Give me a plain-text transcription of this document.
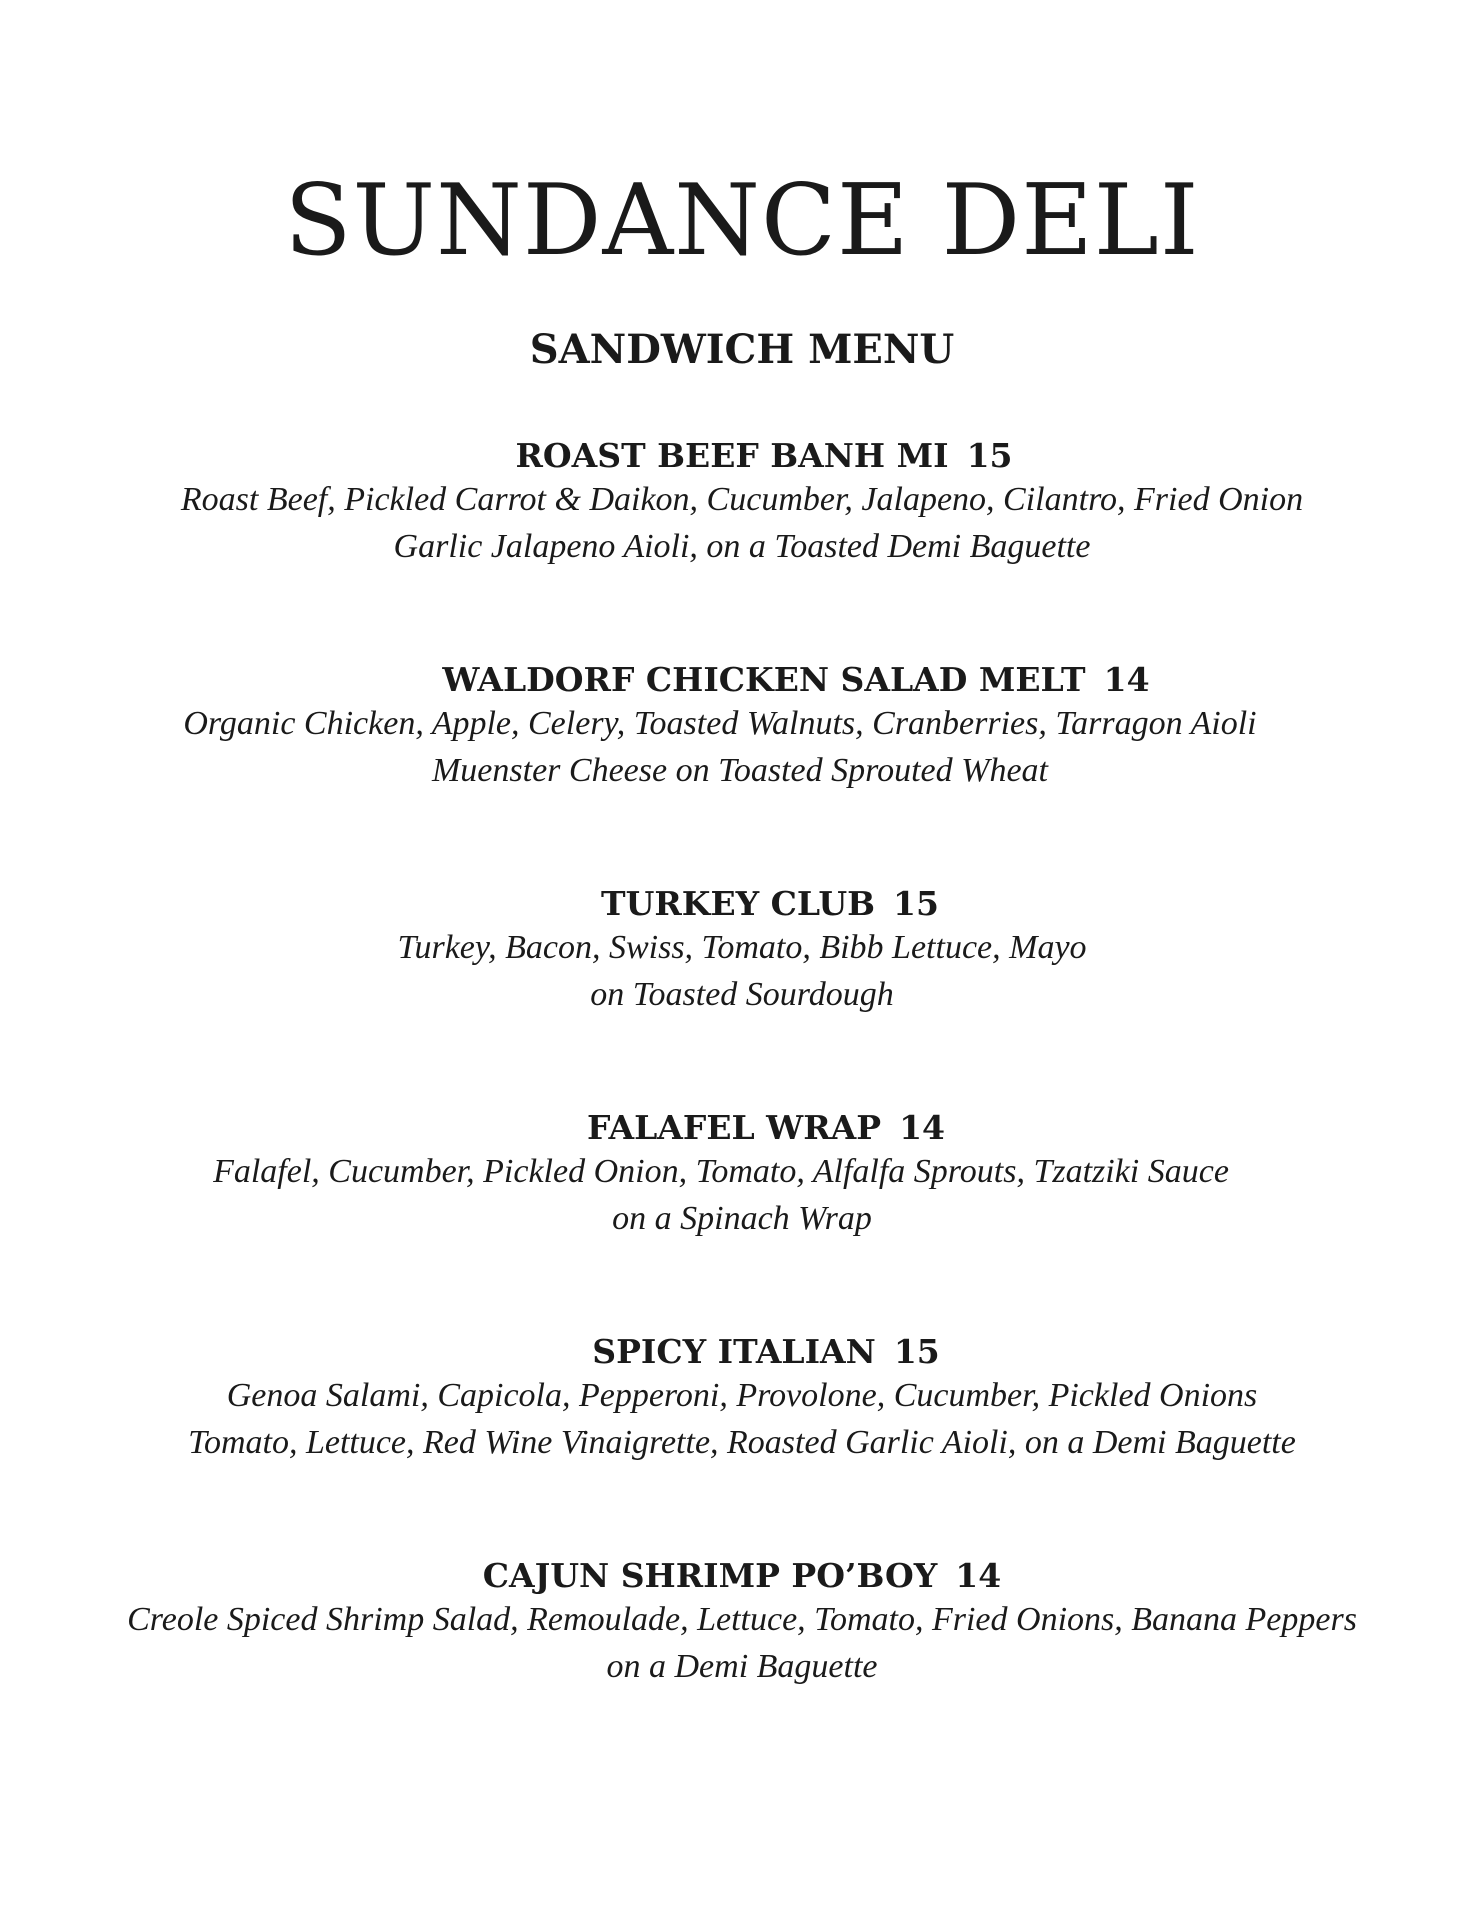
SUNDANCE DELI
SANDWICH MENU
ROAST BEEF BANH MI 15
Roast Beef, Pickled Carrot & Daikon, Cucumber, Jalapeno, Cilantro, Fried Onion
Garlic Jalapeno Aioli, on a Toasted Demi Baguette
WALDORF CHICKEN SALAD MELT 14
Organic Chicken, Apple, Celery, Toasted Walnuts, Cranberries, Tarragon Aioli
Muenster Cheese on Toasted Sprouted Wheat
TURKEY CLUB 15
Turkey, Bacon, Swiss, Tomato, Bibb Lettuce, Mayo
on Toasted Sourdough
FALAFEL WRAP 14
Falafel, Cucumber, Pickled Onion, Tomato, Alfalfa Sprouts, Tzatziki Sauce
on a Spinach Wrap
SPICY ITALIAN 15
Genoa Salami, Capicola, Pepperoni, Provolone, Cucumber, Pickled Onions
Tomato, Lettuce, Red Wine Vinaigrette, Roasted Garlic Aioli, on a Demi Baguette
CAJUN SHRIMP PO’BOY 14
Creole Spiced Shrimp Salad, Remoulade, Lettuce, Tomato, Fried Onions, Banana Peppers
on a Demi Baguette
